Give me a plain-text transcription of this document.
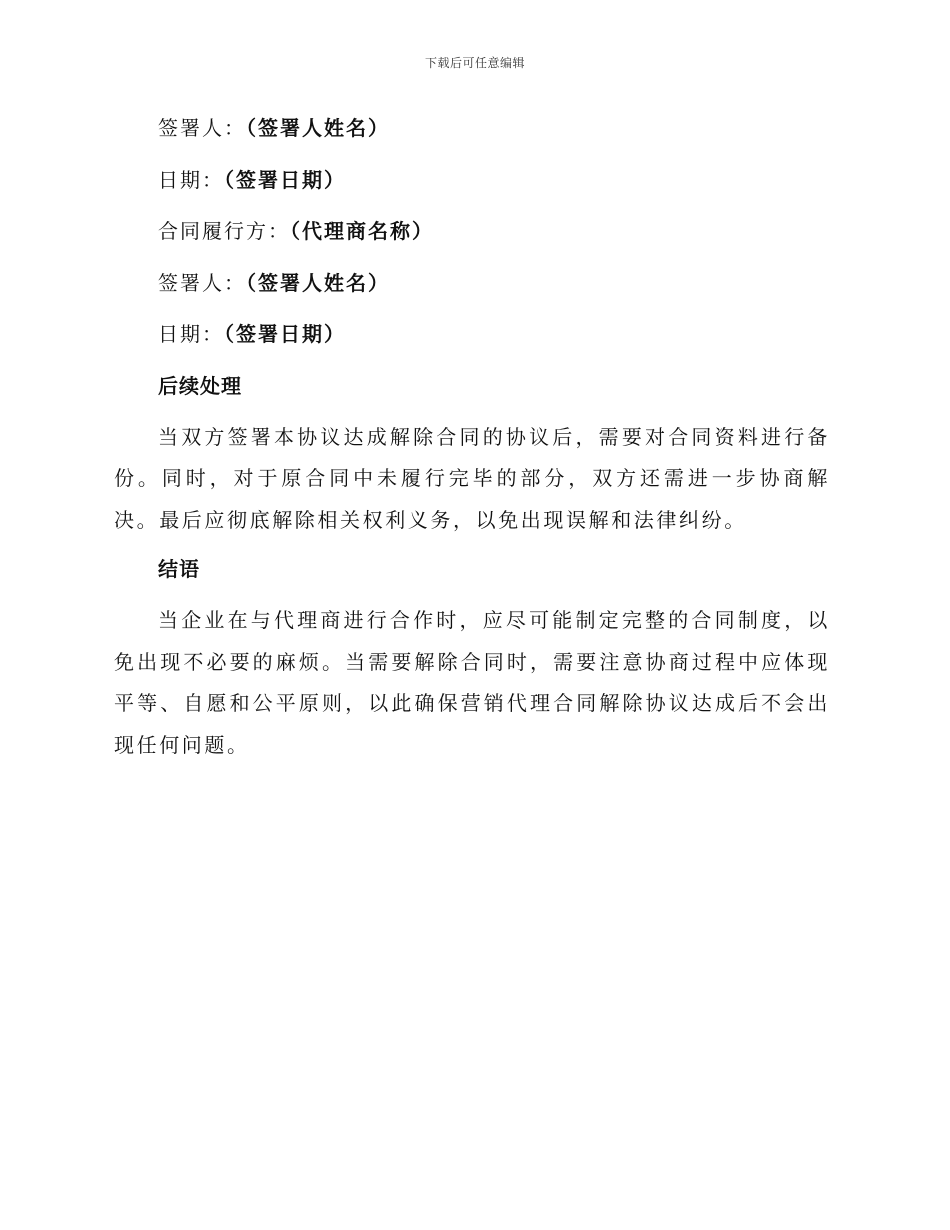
下载后可任意编辑
签署人：（签署人姓名）
日期：（签署日期）
合同履行方：（代理商名称）
签署人：（签署人姓名）
日期：（签署日期）
后续处理

当双方签署本协议达成解除合同的协议后，需要对合同资料进行备份。同时，对于原合同中未履行完毕的部分，双方还需进一步协商解决。最后应彻底解除相关权利义务，以免出现误解和法律纠纷。

结语

当企业在与代理商进行合作时，应尽可能制定完整的合同制度，以免出现不必要的麻烦。当需要解除合同时，需要注意协商过程中应体现平等、自愿和公平原则，以此确保营销代理合同解除协议达成后不会出现任何问题。
